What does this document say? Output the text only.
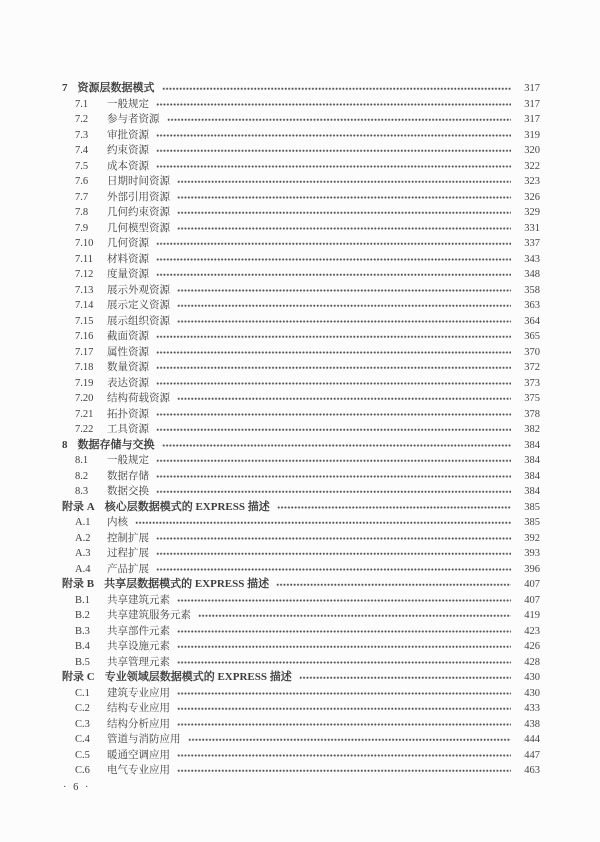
7 资源层数据模式	317
7.1	一般规定	317
7.2	参与者资源	317
7.3	审批资源	319
7.4	约束资源	320
7.5	成本资源	322
7.6	日期时间资源	323
7.7	外部引用资源	326
7.8	几何约束资源	329
7.9	几何模型资源	331
7.10	几何资源	337
7.11	材料资源	343
7.12	度量资源	348
7.13	展示外观资源	358
7.14	展示定义资源	363
7.15	展示组织资源	364
7.16	截面资源	365
7.17	属性资源	370
7.18	数量资源	372
7.19	表达资源	373
7.20	结构荷载资源	375
7.21	拓扑资源	378
7.22	工具资源	382
8 数据存储与交换	384
8.1	一般规定	384
8.2	数据存储	384
8.3	数据交换	384
附录 A 核心层数据模式的 EXPRESS 描述	385
A.1	内核	385
A.2	控制扩展	392
A.3	过程扩展	393
A.4	产品扩展	396
附录 B 共享层数据模式的 EXPRESS 描述	407
B.1	共享建筑元素	407
B.2	共享建筑服务元素	419
B.3	共享部件元素	423
B.4	共享设施元素	426
B.5	共享管理元素	428
附录 C 专业领域层数据模式的 EXPRESS 描述	430
C.1	建筑专业应用	430
C.2	结构专业应用	433
C.3	结构分析应用	438
C.4	管道与消防应用	444
C.5	暖通空调应用	447
C.6	电气专业应用	463
· 6 ·
